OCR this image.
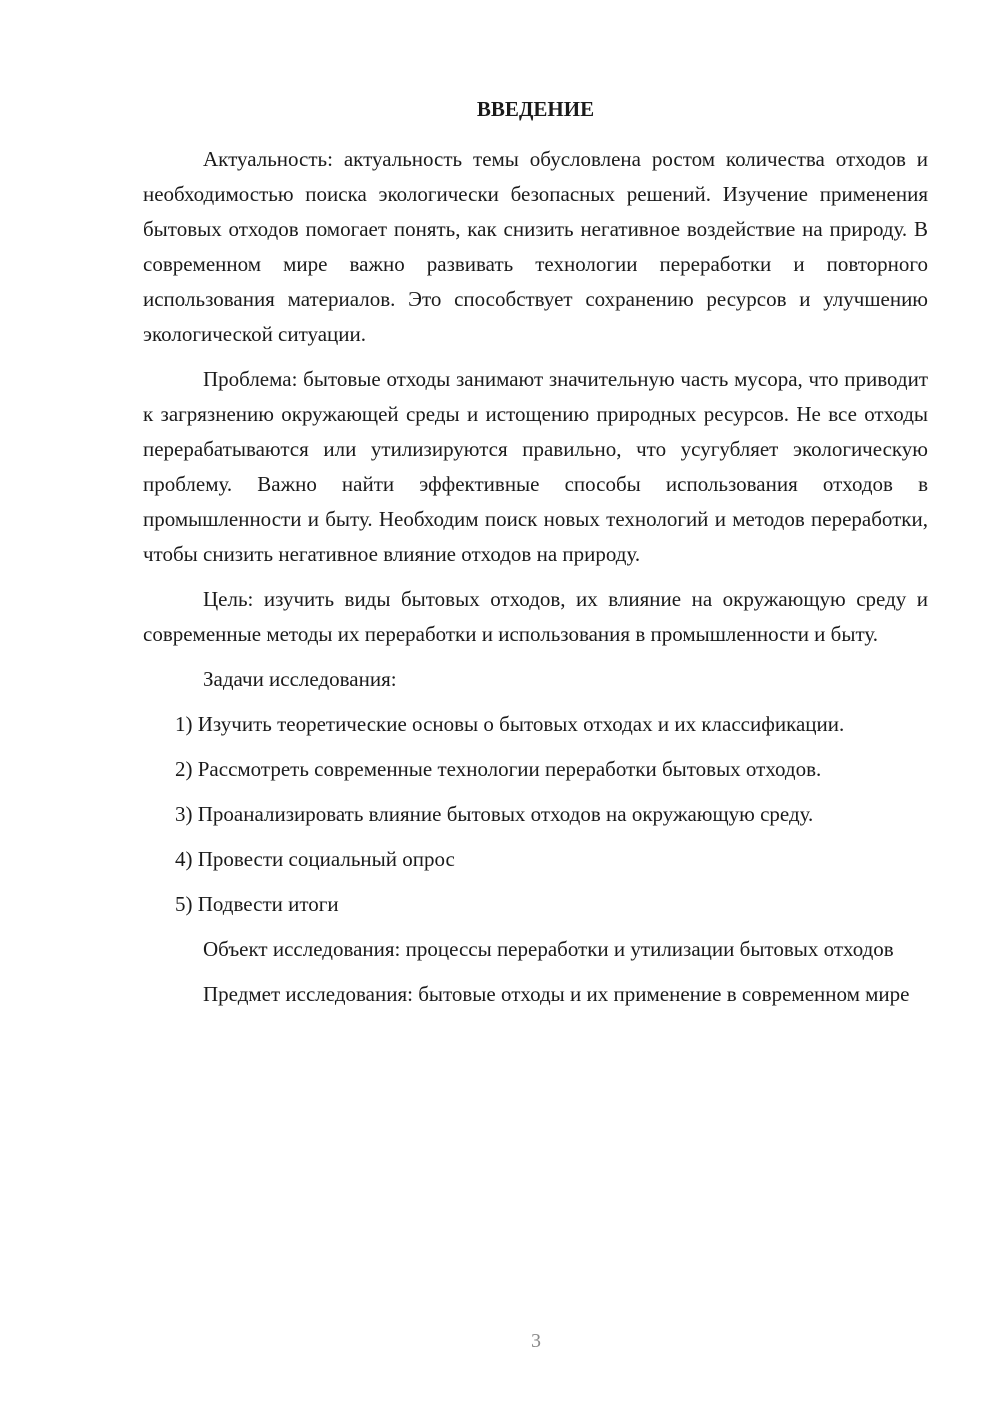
ВВЕДЕНИЕ

Актуальность: актуальность темы обусловлена ростом количества отходов и необходимостью поиска экологически безопасных решений. Изучение применения бытовых отходов помогает понять, как снизить негативное воздействие на природу. В современном мире важно развивать технологии переработки и повторного использования материалов. Это способствует сохранению ресурсов и улучшению экологической ситуации.

Проблема: бытовые отходы занимают значительную часть мусора, что приводит к загрязнению окружающей среды и истощению природных ресурсов. Не все отходы перерабатываются или утилизируются правильно, что усугубляет экологическую проблему. Важно найти эффективные способы использования отходов в промышленности и быту. Необходим поиск новых технологий и методов переработки, чтобы снизить негативное влияние отходов на природу.

Цель: изучить виды бытовых отходов, их влияние на окружающую среду и современные методы их переработки и использования в промышленности и быту.

Задачи исследования:

1) Изучить теоретические основы о бытовых отходах и их классификации.

2) Рассмотреть современные технологии переработки бытовых отходов.

3) Проанализировать влияние бытовых отходов на окружающую среду.

4) Провести социальный опрос

5) Подвести итоги

Объект исследования: процессы переработки и утилизации бытовых отходов

Предмет исследования: бытовые отходы и их применение в современном мире

3
